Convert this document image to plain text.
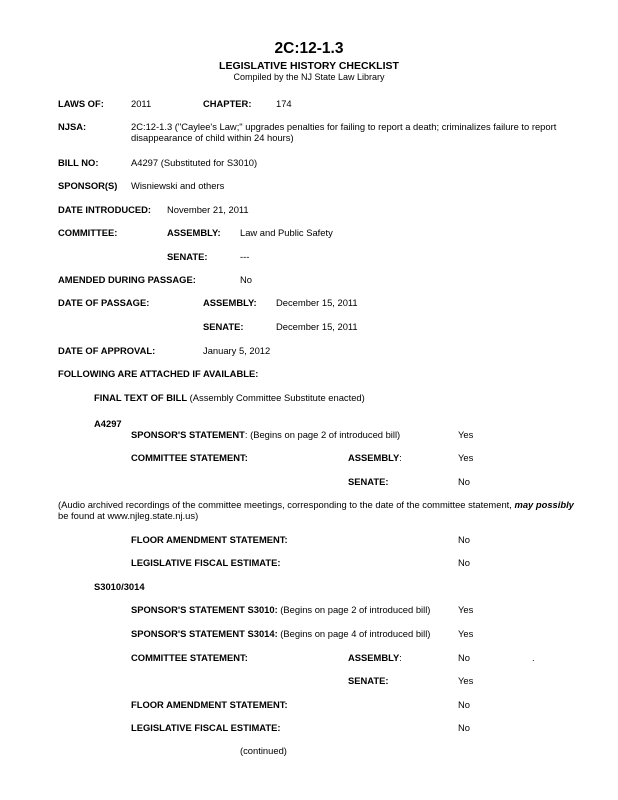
2C:12-1.3
LEGISLATIVE HISTORY CHECKLIST
Compiled by the NJ State Law Library
LAWS OF:	2011	CHAPTER:	174
NJSA:	2C:12-1.3 ("Caylee's Law;" upgrades penalties for failing to report a death; criminalizes failure to report
disappearance of child within 24 hours)
BILL NO:	A4297 (Substituted for S3010)
SPONSOR(S) Wisniewski and others
DATE INTRODUCED: November 21, 2011
COMMITTEE:	ASSEMBLY: Law and Public Safety
SENATE:	---
AMENDED DURING PASSAGE:	No
DATE OF PASSAGE:	ASSEMBLY: December 15, 2011
SENATE:	December 15, 2011
DATE OF APPROVAL:	January 5, 2012
FOLLOWING ARE ATTACHED IF AVAILABLE:
FINAL TEXT OF BILL (Assembly Committee Substitute enacted)
A4297
SPONSOR'S STATEMENT: (Begins on page 2 of introduced bill)	Yes
COMMITTEE STATEMENT:	ASSEMBLY:	Yes
SENATE:	No
(Audio archived recordings of the committee meetings, corresponding to the date of the committee statement, may possibly
be found at www.njleg.state.nj.us)
FLOOR AMENDMENT STATEMENT:	No
LEGISLATIVE FISCAL ESTIMATE:	No
S3010/3014
SPONSOR'S STATEMENT S3010: (Begins on page 2 of introduced bill)	Yes
SPONSOR'S STATEMENT S3014: (Begins on page 4 of introduced bill)	Yes
COMMITTEE STATEMENT:	ASSEMBLY:	No	.
SENATE:	Yes
FLOOR AMENDMENT STATEMENT:	No
LEGISLATIVE FISCAL ESTIMATE:	No
(continued)
